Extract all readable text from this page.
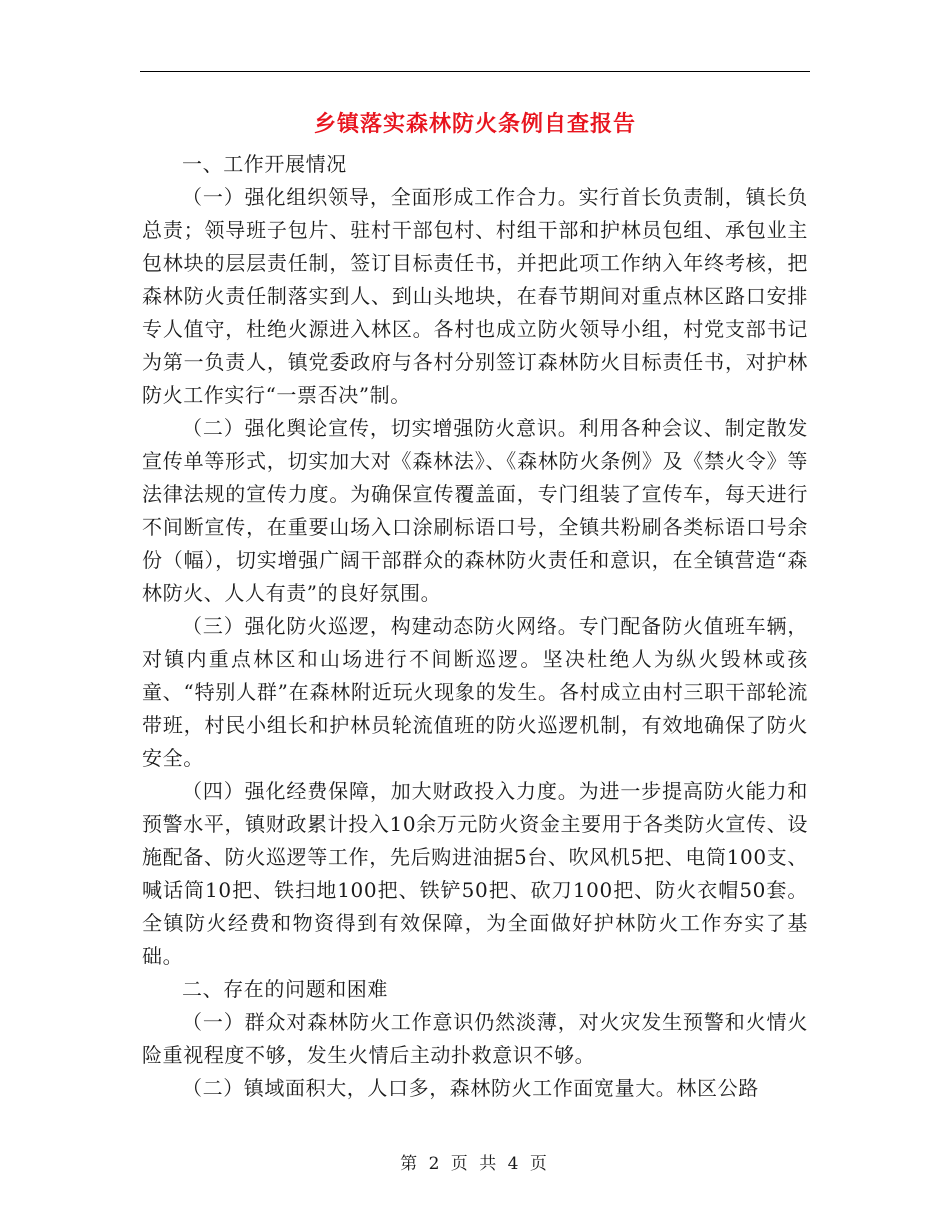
乡镇落实森林防火条例自查报告

一、工作开展情况

（一）强化组织领导，全面形成工作合力。实行首长负责制，镇长负总责；领导班子包片、驻村干部包村、村组干部和护林员包组、承包业主包林块的层层责任制，签订目标责任书，并把此项工作纳入年终考核，把森林防火责任制落实到人、到山头地块，在春节期间对重点林区路口安排专人值守，杜绝火源进入林区。各村也成立防火领导小组，村党支部书记为第一负责人，镇党委政府与各村分别签订森林防火目标责任书，对护林防火工作实行“一票否决”制。

（二）强化舆论宣传，切实增强防火意识。利用各种会议、制定散发宣传单等形式，切实加大对《森林法》、《森林防火条例》及《禁火令》等法律法规的宣传力度。为确保宣传覆盖面，专门组装了宣传车，每天进行不间断宣传，在重要山场入口涂刷标语口号，全镇共粉刷各类标语口号余份（幅），切实增强广阔干部群众的森林防火责任和意识，在全镇营造“森林防火、人人有责”的良好氛围。

（三）强化防火巡逻，构建动态防火网络。专门配备防火值班车辆，对镇内重点林区和山场进行不间断巡逻。坚决杜绝人为纵火毁林或孩童、“特别人群”在森林附近玩火现象的发生。各村成立由村三职干部轮流带班，村民小组长和护林员轮流值班的防火巡逻机制，有效地确保了防火安全。

（四）强化经费保障，加大财政投入力度。为进一步提高防火能力和预警水平，镇财政累计投入10余万元防火资金主要用于各类防火宣传、设施配备、防火巡逻等工作，先后购进油据5台、吹风机5把、电筒100支、喊话筒10把、铁扫地100把、铁铲50把、砍刀100把、防火衣帽50套。全镇防火经费和物资得到有效保障，为全面做好护林防火工作夯实了基础。

二、存在的问题和困难

（一）群众对森林防火工作意识仍然淡薄，对火灾发生预警和火情火险重视程度不够，发生火情后主动扑救意识不够。

（二）镇域面积大，人口多，森林防火工作面宽量大。林区公路

第 2 页 共 4 页
